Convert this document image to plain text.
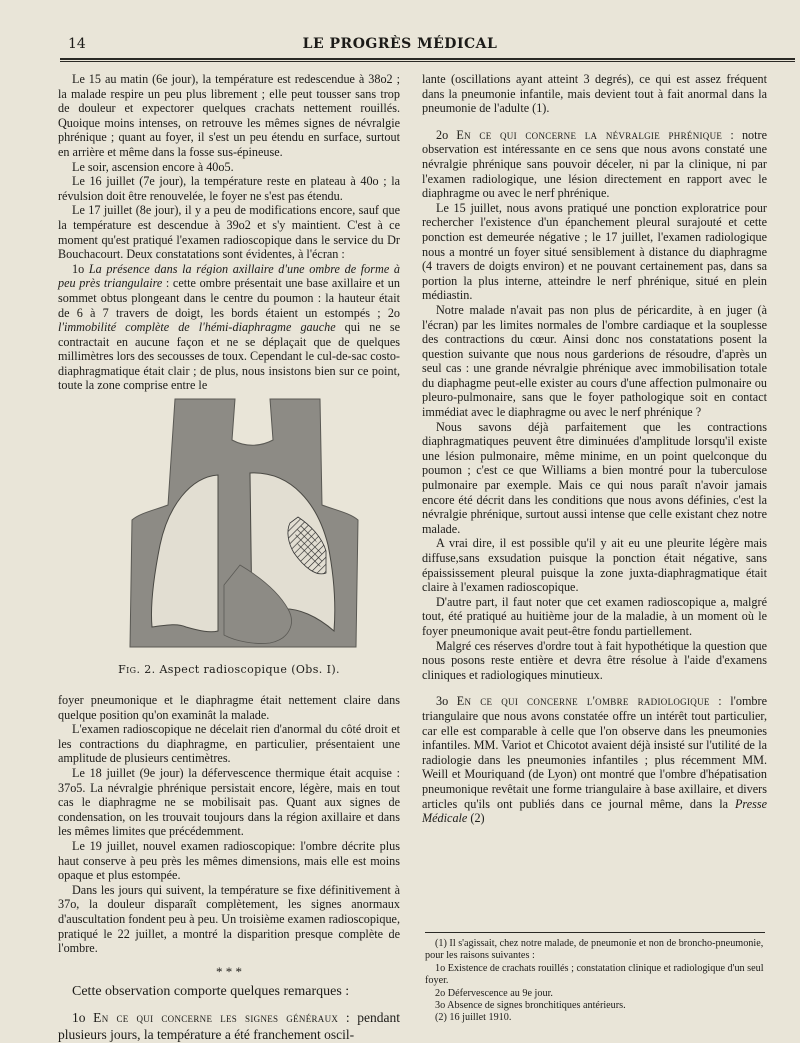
14	LE PROGRÈS MÉDICAL

Le 15 au matin (6e jour), la température est redescendue à 38o2 ; la malade respire un peu plus librement ; elle peut tousser sans trop de douleur et expectorer quelques crachats nettement rouillés. Quoique moins intenses, on retrouve les mêmes signes de névralgie phrénique ; quant au foyer, il s'est un peu étendu en surface, surtout en arrière et même dans la fosse sus-épineuse.

Le soir, ascension encore à 40o5.

Le 16 juillet (7e jour), la température reste en plateau à 40o ; la révulsion doit être renouvelée, le foyer ne s'est pas étendu.

Le 17 juillet (8e jour), il y a peu de modifications encore, sauf que la température est descendue à 39o2 et s'y maintient. C'est à ce moment qu'est pratiqué l'examen radioscopique dans le service du Dr Bouchacourt. Deux constatations sont évidentes, à l'écran :

1o La présence dans la région axillaire d'une ombre de forme à peu près triangulaire : cette ombre présentait une base axillaire et un sommet obtus plongeant dans le centre du poumon : la hauteur était de 6 à 7 travers de doigt, les bords étaient un estompés ; 2o l'immobilité complète de l'hémi-diaphragme gauche qui ne se contractait en aucune façon et ne se déplaçait que de quelques millimètres lors des secousses de toux. Cependant le cul-de-sac costo-diaphragmatique était clair ; de plus, nous insistons bien sur ce point, toute la zone comprise entre le

Fig. 2. Aspect radioscopique (Obs. I).

foyer pneumonique et le diaphragme était nettement claire dans quelque position qu'on examinât la malade.

L'examen radioscopique ne décelait rien d'anormal du côté droit et les contractions du diaphragme, en particulier, présentaient une amplitude de plusieurs centimètres.

Le 18 juillet (9e jour) la défervescence thermique était acquise : 37o5. La névralgie phrénique persistait encore, légère, mais en tout cas le diaphragme ne se mobilisait pas. Quant aux signes de condensation, on les trouvait toujours dans la région axillaire et dans les mêmes limites que précédemment.

Le 19 juillet, nouvel examen radioscopique: l'ombre décrite plus haut conserve à peu près les mêmes dimensions, mais elle est moins opaque et plus estompée.

Dans les jours qui suivent, la température se fixe définitivement à 37o, la douleur disparaît complètement, les signes anormaux d'auscultation fondent peu à peu. Un troisième examen radioscopique, pratiqué le 22 juillet, a montré la disparition presque complète de l'ombre.

* * *

Cette observation comporte quelques remarques :

1o En ce qui concerne les signes généraux : pendant plusieurs jours, la température a été franchement oscil-

lante (oscillations ayant atteint 3 degrés), ce qui est assez fréquent dans la pneumonie infantile, mais devient tout à fait anormal dans la pneumonie de l'adulte (1).

2o En ce qui concerne la névralgie phrénique : notre observation est intéressante en ce sens que nous avons constaté une névralgie phrénique sans pouvoir déceler, ni par la clinique, ni par l'examen radiologique, une lésion directement en rapport avec le diaphragme ou avec le nerf phrénique.

Le 15 juillet, nous avons pratiqué une ponction exploratrice pour rechercher l'existence d'un épanchement pleural surajouté et cette ponction est demeurée négative ; le 17 juillet, l'examen radiologique nous a montré un foyer situé sensiblement à distance du diaphragme (4 travers de doigts environ) et ne pouvant certainement pas, dans sa portion la plus interne, atteindre le nerf phrénique, situé en plein médiastin.

Notre malade n'avait pas non plus de péricardite, à en juger (à l'écran) par les limites normales de l'ombre cardiaque et la souplesse des contractions du cœur. Ainsi donc nos constatations posent la question suivante que nous nous garderions de résoudre, d'après un seul cas : une grande névralgie phrénique avec immobilisation totale du diaphagme peut-elle exister au cours d'une affection pulmonaire ou pleuro-pulmonaire, sans que le foyer pathologique soit en contact immédiat avec le diaphragme ou avec le nerf phrénique ?

Nous savons déjà parfaitement que les contractions diaphragmatiques peuvent être diminuées d'amplitude lorsqu'il existe une lésion pulmonaire, même minime, en un point quelconque du poumon ; c'est ce que Williams a bien montré pour la tuberculose pulmonaire par exemple. Mais ce qui nous paraît n'avoir jamais encore été décrit dans les conditions que nous avons définies, c'est la névralgie phrénique, surtout aussi intense que celle existant chez notre malade.

A vrai dire, il est possible qu'il y ait eu une pleurite légère mais diffuse,sans exsudation puisque la ponction était négative, sans épaississement pleural puisque la zone juxta-diaphragmatique était claire à l'examen radioscopique.

D'autre part, il faut noter que cet examen radioscopique a, malgré tout, été pratiqué au huitième jour de la maladie, à un moment où le foyer pneumonique avait peut-être fondu partiellement.

Malgré ces réserves d'ordre tout à fait hypothétique la question que nous posons reste entière et devra être résolue à l'aide d'examens cliniques et radiologiques minutieux.

3o En ce qui concerne l'ombre radiologique : l'ombre triangulaire que nous avons constatée offre un intérêt tout particulier, car elle est comparable à celle que l'on observe dans les pneumonies infantiles. MM. Variot et Chicotot avaient déjà insisté sur l'utilité de la radiologie dans les pneumonies infantiles ; plus récemment MM. Weill et Mouriquand (de Lyon) ont montré que l'ombre d'hépatisation pneumonique revêtait une forme triangulaire à base axillaire, et divers articles qu'ils ont publiés dans ce journal même, dans la Presse Médicale (2)

(1) Il s'agissait, chez notre malade, de pneumonie et non de broncho-pneumonie, pour les raisons suivantes :

1o Existence de crachats rouillés ; constatation clinique et radiologique d'un seul foyer.

2o Défervescence au 9e jour.

3o Absence de signes bronchitiques antérieurs.

(2) 16 juillet 1910.
